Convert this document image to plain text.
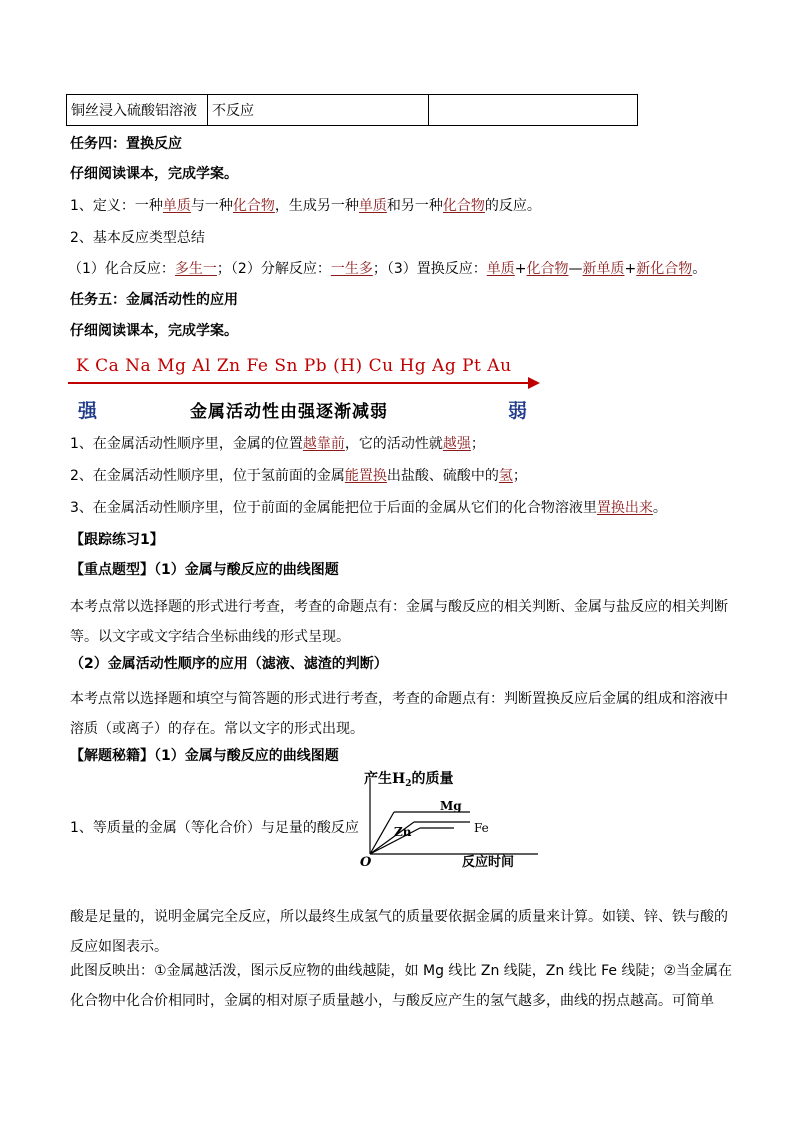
铜丝浸入硫酸铝溶液	不反应	
任务四：置换反应
仔细阅读课本，完成学案。
1、定义：一种单质与一种化合物，生成另一种单质和另一种化合物的反应。
2、基本反应类型总结
（1）化合反应：多生一；（2）分解反应：一生多；（3）置换反应：单质+化合物—新单质+新化合物。
任务五：金属活动性的应用
仔细阅读课本，完成学案。
K Ca Na Mg Al Zn Fe Sn Pb (H) Cu Hg Ag Pt Au
强	金属活动性由强逐渐减弱	弱
1、在金属活动性顺序里，金属的位置越靠前，它的活动性就越强；
2、在金属活动性顺序里，位于氢前面的金属能置换出盐酸、硫酸中的氢；
3、在金属活动性顺序里，位于前面的金属能把位于后面的金属从它们的化合物溶液里置换出来。
【跟踪练习1】
【重点题型】（1）金属与酸反应的曲线图题
本考点常以选择题的形式进行考查，考查的命题点有：金属与酸反应的相关判断、金属与盐反应的相关判断等。以文字或文字结合坐标曲线的形式呈现。
（2）金属活动性顺序的应用（滤液、滤渣的判断）
本考点常以选择题和填空与简答题的形式进行考查，考查的命题点有：判断置换反应后金属的组成和溶液中溶质（或离子）的存在。常以文字的形式出现。
【解题秘籍】（1）金属与酸反应的曲线图题
1、等质量的金属（等化合价）与足量的酸反应
产生$H_2$的质量
Mg
Zn	Fe
O	反应时间
酸是足量的，说明金属完全反应，所以最终生成氢气的质量要依据金属的质量来计算。如镁、锌、铁与酸的反应如图表示。
此图反映出：①金属越活泼，图示反应物的曲线越陡，如 Mg 线比 Zn 线陡，Zn 线比 Fe 线陡；②当金属在化合物中化合价相同时，金属的相对原子质量越小，与酸反应产生的氢气越多，曲线的拐点越高。可简单
